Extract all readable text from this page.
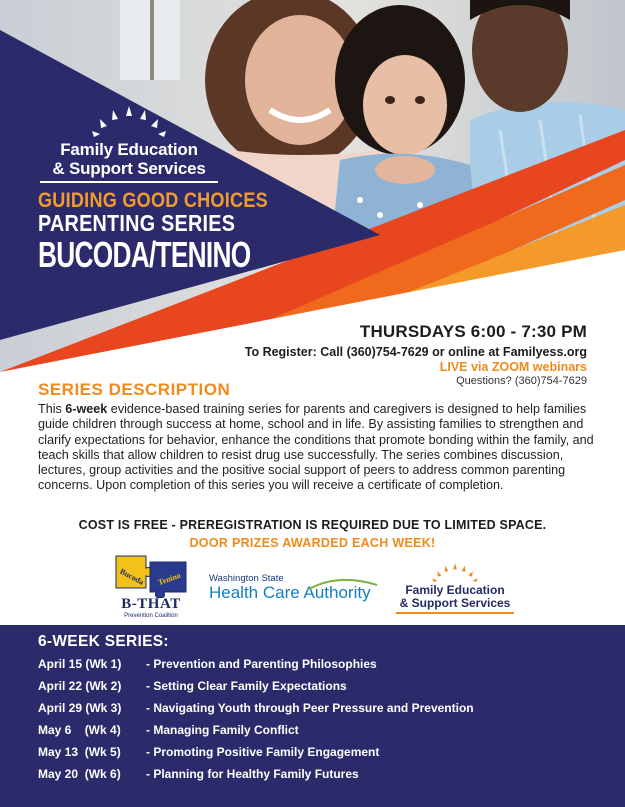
Family Education
& Support Services
GUIDING GOOD CHOICES
PARENTING SERIES
BUCODA/TENINO
THURSDAYS 6:00 - 7:30 PM
To Register: Call (360)754-7629 or online at Familyess.org
LIVE via ZOOM webinars
Questions? (360)754-7629
SERIES DESCRIPTION

This 6-week evidence-based training series for parents and caregivers is designed to help families guide children through success at home, school and in life. By assisting families to strengthen and clarify expectations for behavior, enhance the conditions that promote bonding within the family, and teach skills that allow children to resist drug use successfully. The series combines discussion, lectures, group activities and the positive social support of peers to address common parenting concerns. Upon completion of this series you will receive a certificate of completion.

COST IS FREE - PREREGISTRATION IS REQUIRED DUE TO LIMITED SPACE.
DOOR PRIZES AWARDED EACH WEEK!
Bucoda Tenino
B-THAT
Prevention Coalition
Washington State
Health Care Authority	Family Education
& Support Services
6-WEEK SERIES:
April 15 (Wk 1) - Prevention and Parenting Philosophies
April 22 (Wk 2) - Setting Clear Family Expectations
April 29 (Wk 3) - Navigating Youth through Peer Pressure and Prevention
May 6    (Wk 4) - Managing Family Conflict
May 13  (Wk 5) - Promoting Positive Family Engagement
May 20  (Wk 6) - Planning for Healthy Family Futures
